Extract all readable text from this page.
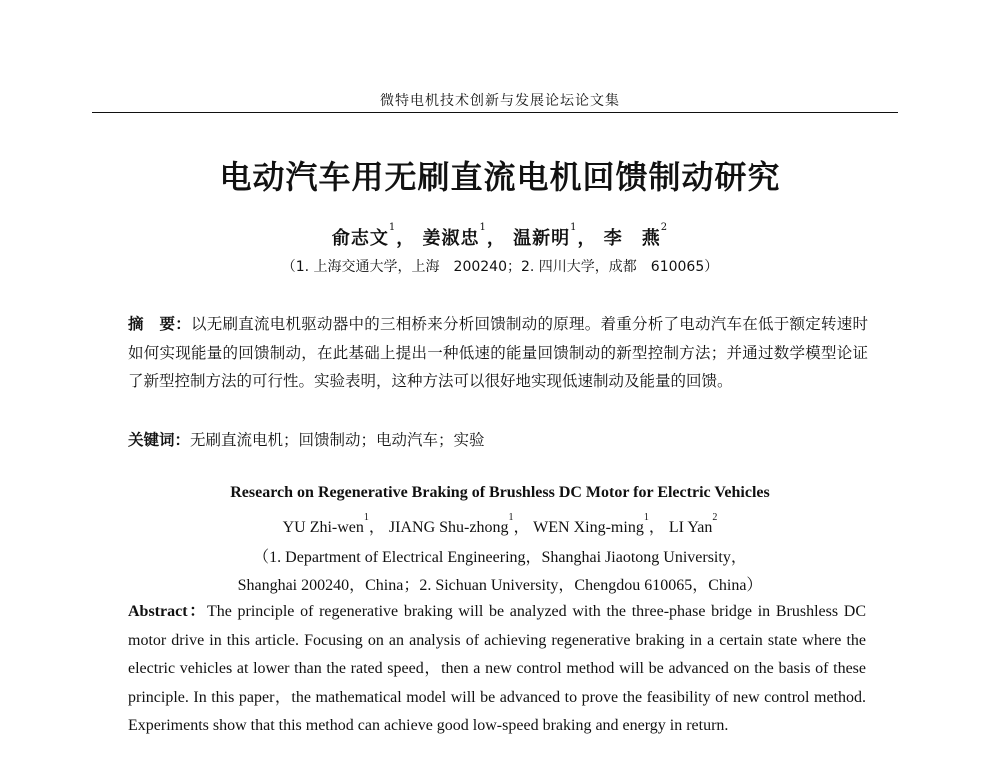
微特电机技术创新与发展论坛论文集
电动汽车用无刷直流电机回馈制动研究
俞志文$^1$， 姜淑忠$^1$， 温新明$^1$， 李　燕$^2$
（1. 上海交通大学，上海　200240；2. 四川大学，成都　610065）
摘　要：以无刷直流电机驱动器中的三相桥来分析回馈制动的原理。着重分析了电动汽车在低于额定转速时如何实现能量的回馈制动，在此基础上提出一种低速的能量回馈制动的新型控制方法；并通过数学模型论证了新型控制方法的可行性。实验表明，这种方法可以很好地实现低速制动及能量的回馈。
关键词：无刷直流电机；回馈制动；电动汽车；实验
Research on Regenerative Braking of Brushless DC Motor for Electric Vehicles
YU Zhi-wen$^1$， JIANG Shu-zhong$^1$， WEN Xing-ming$^1$， LI Yan$^2$
（1. Department of Electrical Engineering，Shanghai Jiaotong University，
Shanghai 200240，China；2. Sichuan University，Chengdou 610065，China）
Abstract：The principle of regenerative braking will be analyzed with the three-phase bridge in Brushless DC motor drive in this article. Focusing on an analysis of achieving regenerative braking in a certain state where the electric vehicles at lower than the rated speed，then a new control method will be advanced on the basis of these principle. In this paper，the mathematical model will be advanced to prove the feasibility of new control method. Experiments show that this method can achieve good low-speed braking and energy in return.
